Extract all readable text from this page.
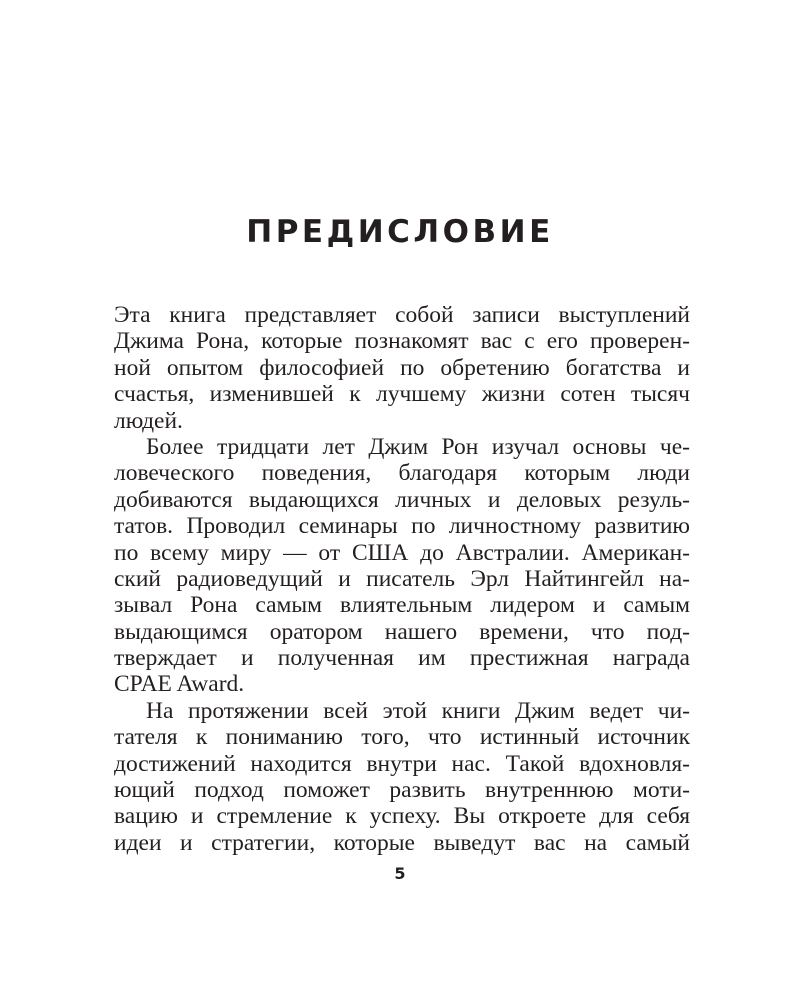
ПРЕДИСЛОВИЕ
Эта книга представляет собой записи выступлений
Джима Рона, которые познакомят вас с его проверен-
ной опытом философией по обретению богатства и
счастья, изменившей к лучшему жизни сотен тысяч
людей.
Более тридцати лет Джим Рон изучал основы че-
ловеческого поведения, благодаря которым люди
добиваются выдающихся личных и деловых резуль-
татов. Проводил семинары по личностному развитию
по всему миру — от США до Австралии. Американ-
ский радиоведущий и писатель Эрл Найтингейл на-
зывал Рона самым влиятельным лидером и самым
выдающимся оратором нашего времени, что под-
тверждает и полученная им престижная награда
CPAE Award.
На протяжении всей этой книги Джим ведет чи-
тателя к пониманию того, что истинный источник
достижений находится внутри нас. Такой вдохновля-
ющий подход поможет развить внутреннюю моти-
вацию и стремление к успеху. Вы откроете для себя
идеи и стратегии, которые выведут вас на самый
5
